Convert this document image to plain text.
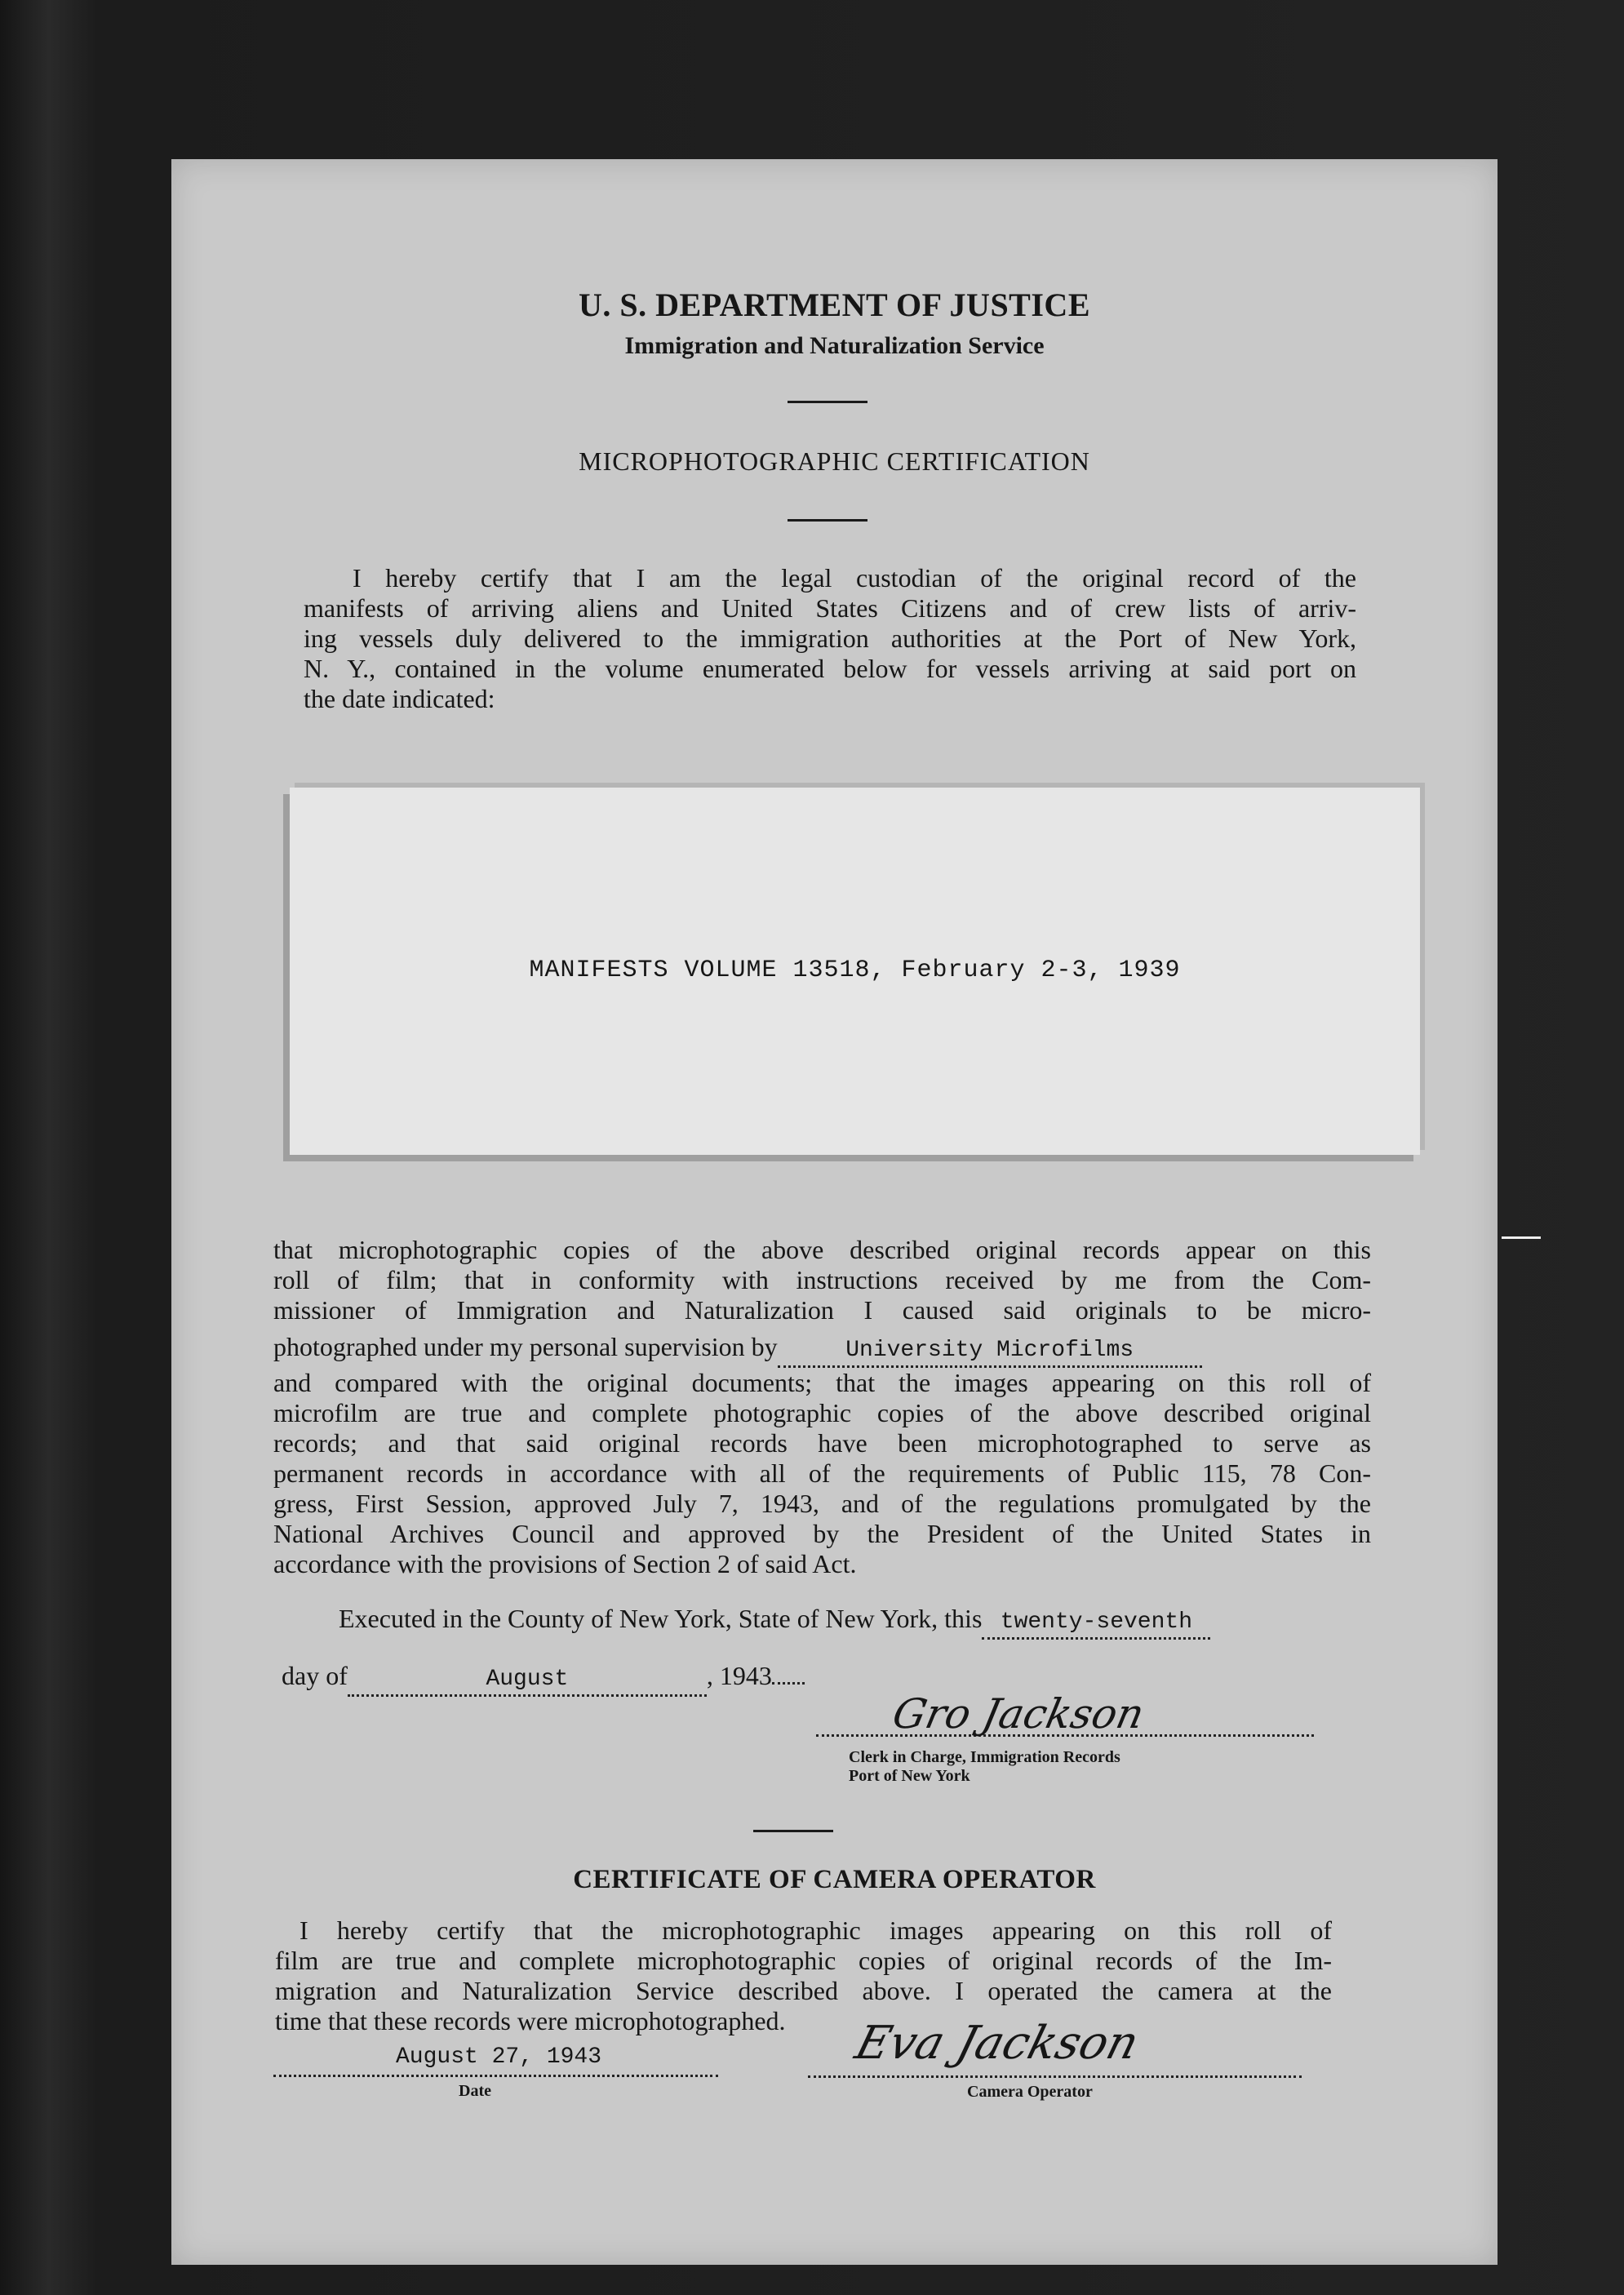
U. S. DEPARTMENT OF JUSTICE
Immigration and Naturalization Service
MICROPHOTOGRAPHIC CERTIFICATION
I hereby certify that I am the legal custodian of the original record of the
manifests of arriving aliens and United States Citizens and of crew lists of arriv-
ing vessels duly delivered to the immigration authorities at the Port of New York,
N. Y., contained in the volume enumerated below for vessels arriving at said port on
the date indicated:
MANIFESTS VOLUME 13518, February 2-3, 1939
that microphotographic copies of the above described original records appear on this
roll of film; that in conformity with instructions received by me from the Com-
missioner of Immigration and Naturalization I caused said originals to be micro-
photographed under my personal supervision by	University Microfilms
and compared with the original documents; that the images appearing on this roll of
microfilm are true and complete photographic copies of the above described original
records; and that said original records have been microphotographed to serve as
permanent records in accordance with all of the requirements of Public 115, 78 Con-
gress, First Session, approved July 7, 1943, and of the regulations promulgated by the
National Archives Council and approved by the President of the United States in
accordance with the provisions of Section 2 of said Act.
Executed in the County of New York, State of New York, this twenty-seventh
day of	August	, 1943
Gro Jackson
Clerk in Charge, Immigration Records
Port of New York
CERTIFICATE OF CAMERA OPERATOR
I hereby certify that the microphotographic images appearing on this roll of
film are true and complete microphotographic copies of original records of the Im-
migration and Naturalization Service described above. I operated the camera at the
time that these records were microphotographed.
August 27, 1943
Date
Eva Jackson
Camera Operator
